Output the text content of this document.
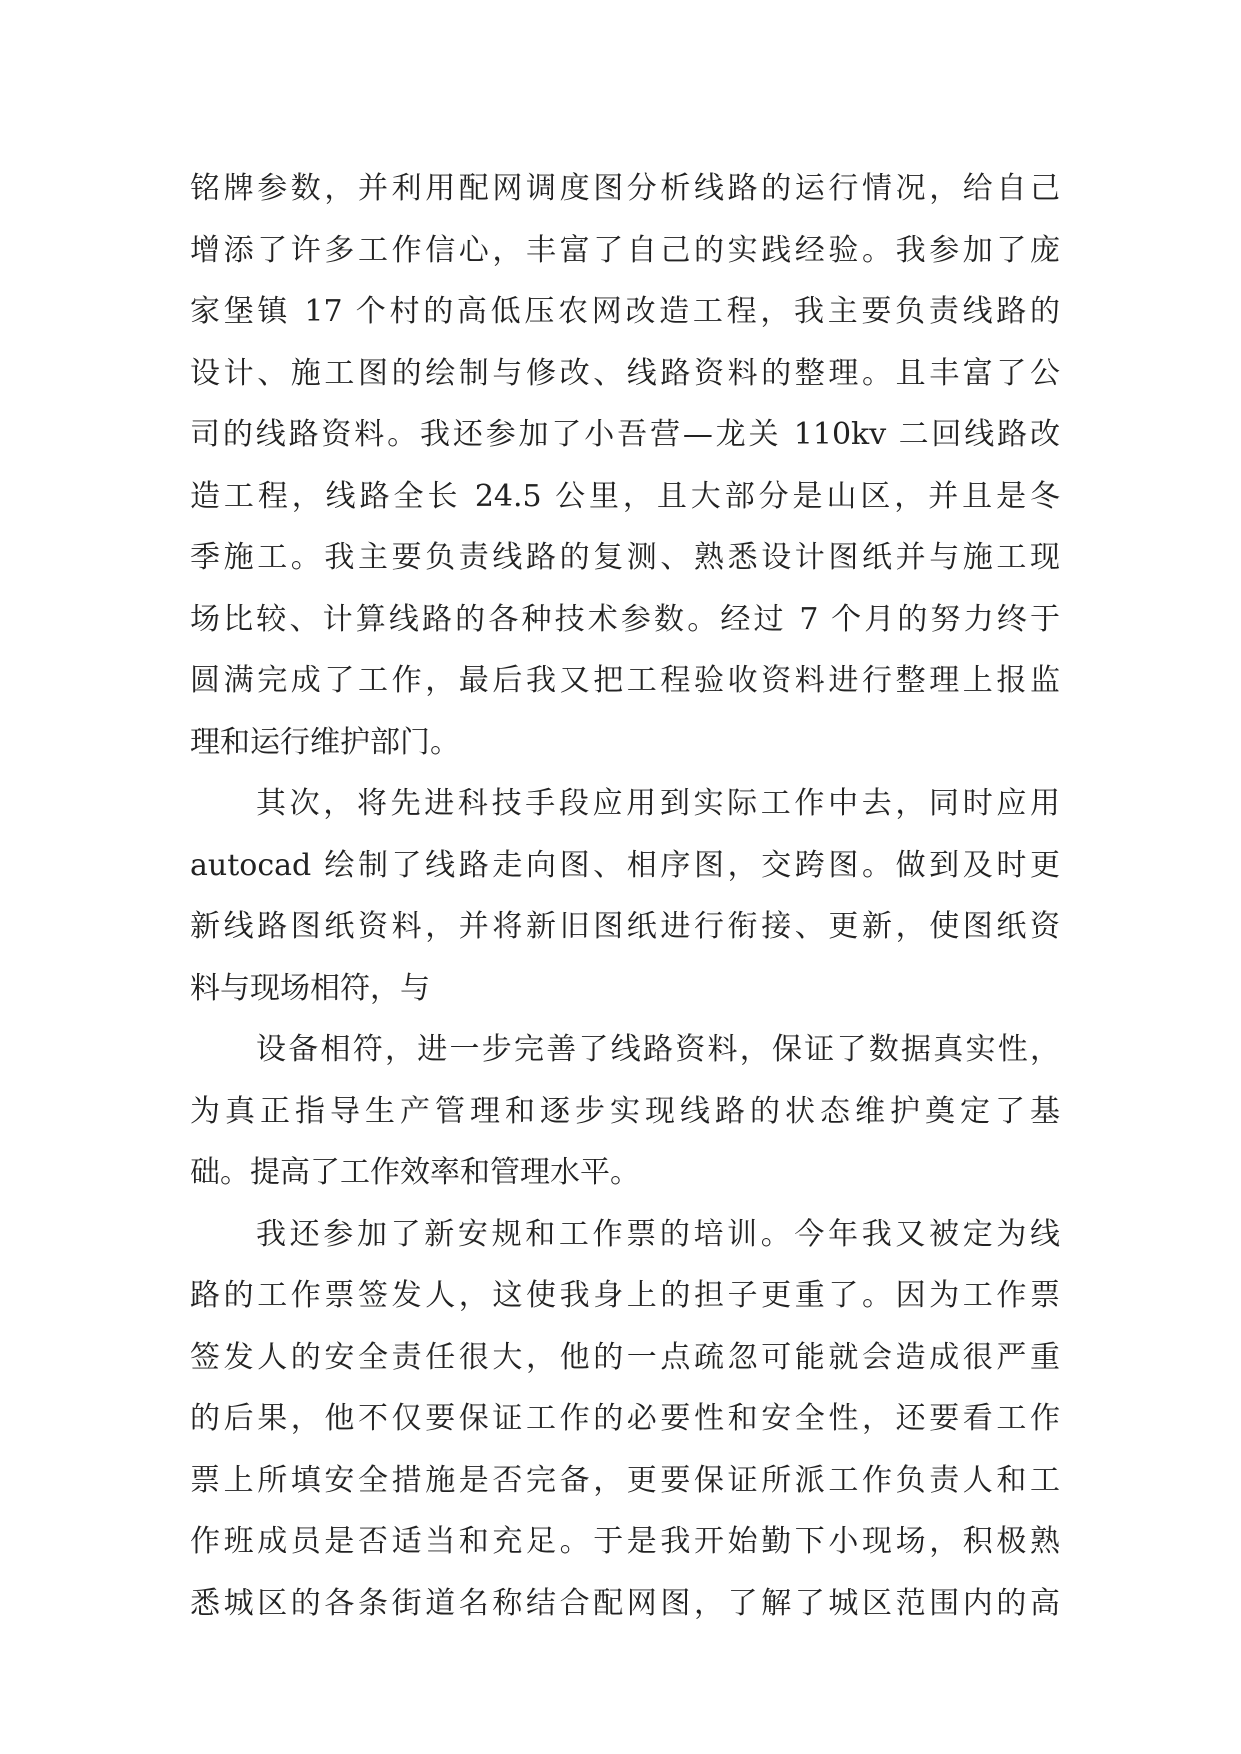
铭牌参数，并利用配网调度图分析线路的运行情况，给自己
增添了许多工作信心，丰富了自己的实践经验。我参加了庞
家堡镇 17 个村的高低压农网改造工程，我主要负责线路的
设计、施工图的绘制与修改、线路资料的整理。且丰富了公
司的线路资料。我还参加了小吾营—龙关 110kv 二回线路改
造工程，线路全长 24.5 公里，且大部分是山区，并且是冬
季施工。我主要负责线路的复测、熟悉设计图纸并与施工现
场比较、计算线路的各种技术参数。经过 7 个月的努力终于
圆满完成了工作，最后我又把工程验收资料进行整理上报监
理和运行维护部门。
其次，将先进科技手段应用到实际工作中去，同时应用
autocad 绘制了线路走向图、相序图，交跨图。做到及时更
新线路图纸资料，并将新旧图纸进行衔接、更新，使图纸资
料与现场相符，与
设备相符，进一步完善了线路资料，保证了数据真实性，
为真正指导生产管理和逐步实现线路的状态维护奠定了基
础。提高了工作效率和管理水平。
我还参加了新安规和工作票的培训。今年我又被定为线
路的工作票签发人，这使我身上的担子更重了。因为工作票
签发人的安全责任很大，他的一点疏忽可能就会造成很严重
的后果，他不仅要保证工作的必要性和安全性，还要看工作
票上所填安全措施是否完备，更要保证所派工作负责人和工
作班成员是否适当和充足。于是我开始勤下小现场，积极熟
悉城区的各条街道名称结合配网图，了解了城区范围内的高
